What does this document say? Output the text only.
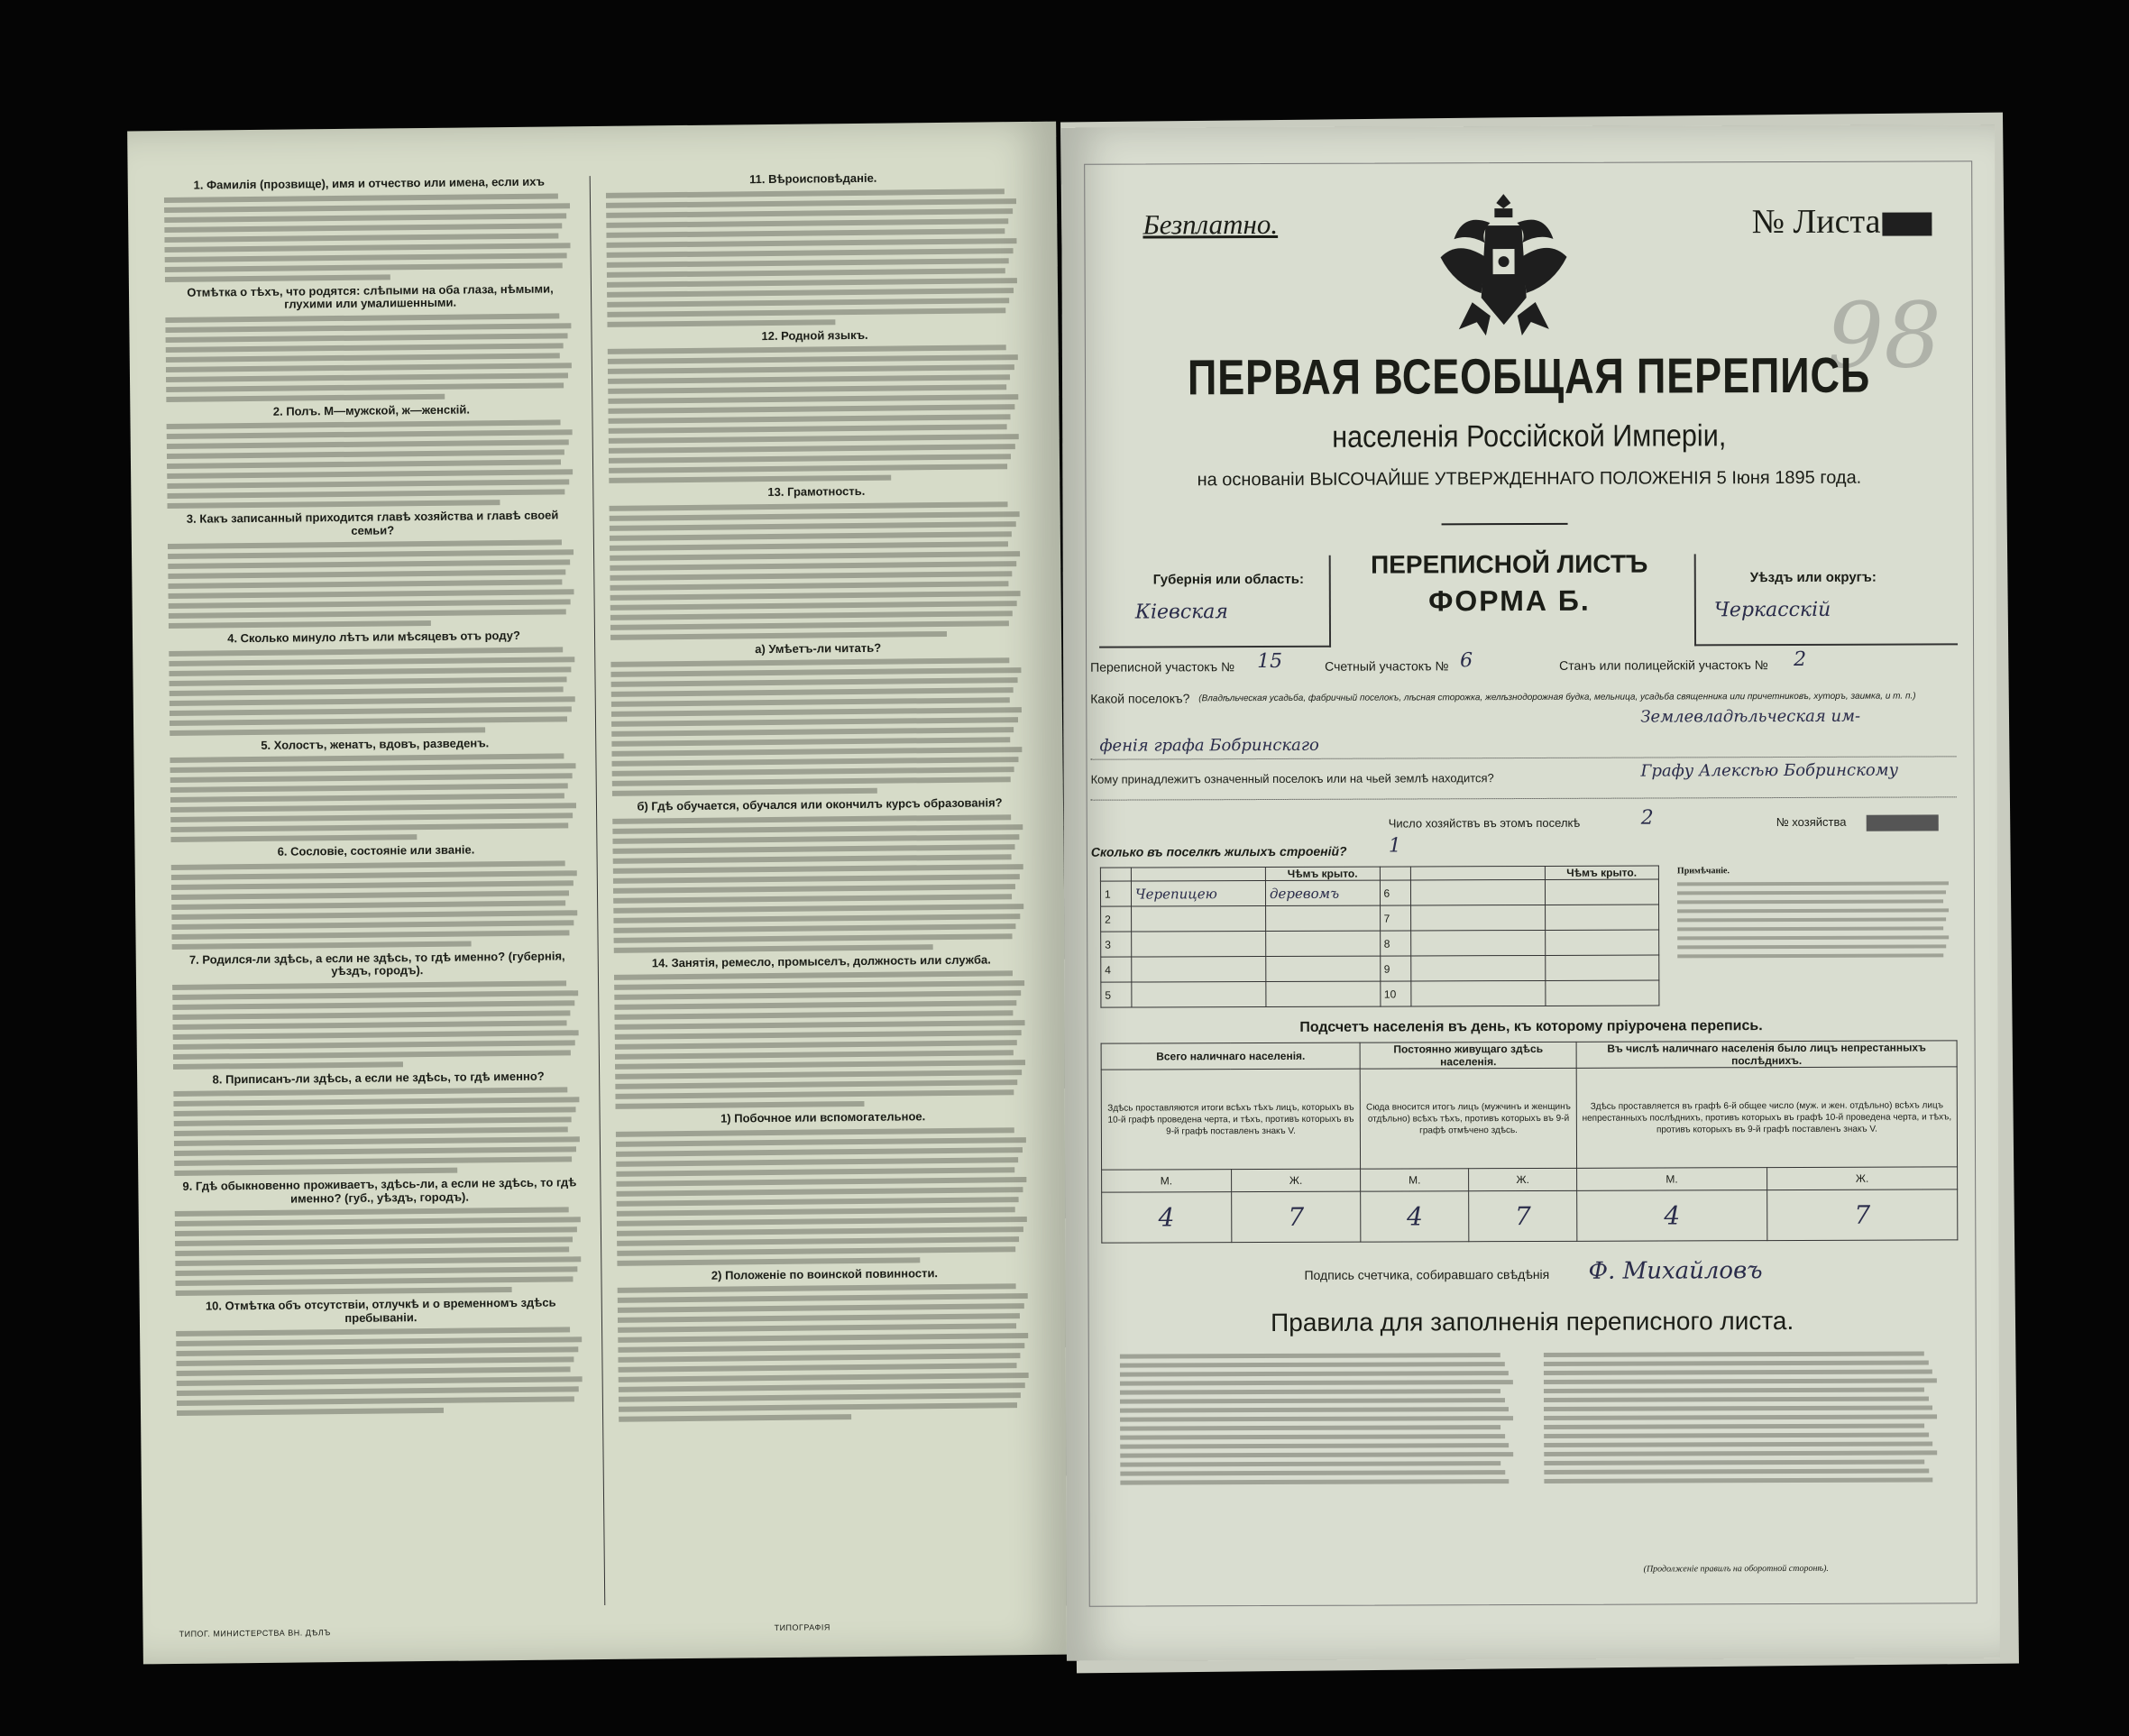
1. Фамилія (прозвище), имя и отчество или имена, если ихъ
Отмѣтка о тѣхъ, что родятся: слѣпыми на оба глаза, нѣмыми, глухими или умалишенными.
2. Полъ. М—мужской, ж—женскій.
3. Какъ записанный приходится главѣ хозяйства и главѣ своей семьи?
4. Сколько минуло лѣтъ или мѣсяцевъ отъ роду?
5. Холостъ, женатъ, вдовъ, разведенъ.
6. Сословіе, состояніе или званіе.
7. Родился-ли здѣсь, а если не здѣсь, то гдѣ именно? (губернія, уѣздъ, городъ).
8. Приписанъ-ли здѣсь, а если не здѣсь, то гдѣ именно?
9. Гдѣ обыкновенно проживаетъ, здѣсь-ли, а если не здѣсь, то гдѣ именно? (губ., уѣздъ, городъ).
10. Отмѣтка объ отсутствіи, отлучкѣ и о временномъ здѣсь пребываніи.
11. Вѣроисповѣданіе.
12. Родной языкъ.
13. Грамотность.
а) Умѣетъ-ли читать?
б) Гдѣ обучается, обучался или окончилъ курсъ образованія?
14. Занятія, ремесло, промыселъ, должность или служба.
1) Побочное или вспомогательное.
2) Положеніе по воинской повинности.
ТИПОГ. МИНИСТЕРСТВА ВН. ДѢЛЪ
ТИПОГРАФІЯ
Безплатно.	№ Листа
98
ПЕРВАЯ ВСЕОБЩАЯ ПЕРЕПИСЬ
населенія Россійской Имперіи,
на основаніи ВЫСОЧАЙШЕ УТВЕРЖДЕННАГО ПОЛОЖЕНІЯ 5 Іюня 1895 года.
Губернія или область:
Кіевская
ПЕРЕПИСНОЙ ЛИСТЪ
ФОРМА Б.
Уѣздъ или округъ:
Черкасскій
Переписной участокъ № 15	Счетный участокъ № 6	Станъ или полицейскій участокъ № 2
Какой поселокъ? (Владѣльческая усадьба, фабричный поселокъ, лѣсная сторожка, желѣзнодорожная будка, мельница, усадьба священника или причетниковъ, хуторъ, заимка, и т. п.)
Землевладѣльческая им-
фенія графа Бобринскаго
Кому принадлежитъ означенный поселокъ или на чьей землѣ находится?	Графу Алексѣю Бобринскому
Число хозяйствъ въ этомъ поселкѣ	2	№ хозяйства
Сколько въ поселкѣ жилыхъ строеній? 1
		Чѣмъ крыто.			Чѣмъ крыто.
1	Черепицею	деревомъ	6		
2			7		
3			8		
4			9		
5			10		
Примѣчаніе.
Подсчетъ населенія въ день, къ которому пріурочена перепись.
Всего наличнаго населенія.		Постоянно живущаго здѣсь населенія.		Въ числѣ наличнаго населенія было лицъ непрестанныхъ послѣднихъ.	
Здѣсь проставляются итоги всѣхъ тѣхъ лицъ, которыхъ въ 10-й графѣ проведена черта, и тѣхъ, противъ которыхъ въ 9-й графѣ поставленъ знакъ V.		Сюда вносится итогъ лицъ (мужчинъ и женщинъ отдѣльно) всѣхъ тѣхъ, противъ которыхъ въ 9-й графѣ отмѣчено здѣсь.		Здѣсь проставляется въ графѣ 6-й общее число (муж. и жен. отдѣльно) всѣхъ лицъ непрестанныхъ послѣднихъ, противъ которыхъ въ графѣ 10-й проведена черта, и тѣхъ, противъ которыхъ въ 9-й графѣ поставленъ знакъ V.	
М.	Ж.	М.	Ж.	М.	Ж.
4	7	4	7	4	7
Подпись счетчика, собиравшаго свѣдѣнія Ф. Михайловъ
Правила для заполненія переписного листа.
(Продолженіе правилъ на оборотной сторонѣ).
